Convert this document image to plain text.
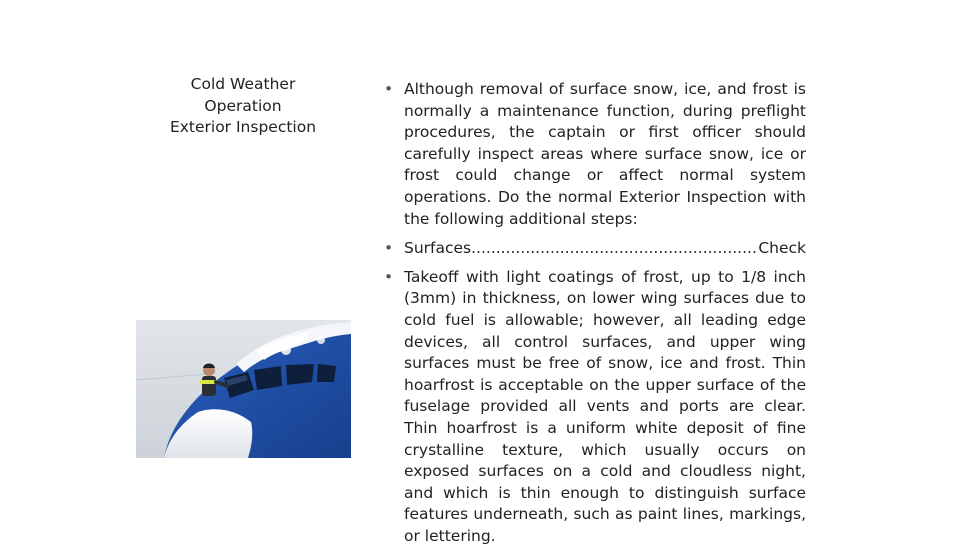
Cold Weather
Operation
Exterior Inspection
• Although removal of surface snow, ice, and frost is normally a maintenance function, during preflight procedures, the captain or first officer should carefully inspect areas where surface snow, ice or frost could change or affect normal system operations. Do the normal Exterior Inspection with the following additional steps:
• Surfaces
.....	Check
• Takeoff with light coatings of frost, up to 1/8 inch (3mm) in thickness, on lower wing surfaces due to cold fuel is allowable; however, all leading edge devices, all control surfaces, and upper wing surfaces must be free of snow, ice and frost. Thin hoarfrost is acceptable on the upper surface of the fuselage provided all vents and ports are clear. Thin hoarfrost is a uniform white deposit of fine crystalline texture, which usually occurs on exposed surfaces on a cold and cloudless night, and which is thin enough to distinguish surface features underneath, such as paint lines, markings, or lettering.
